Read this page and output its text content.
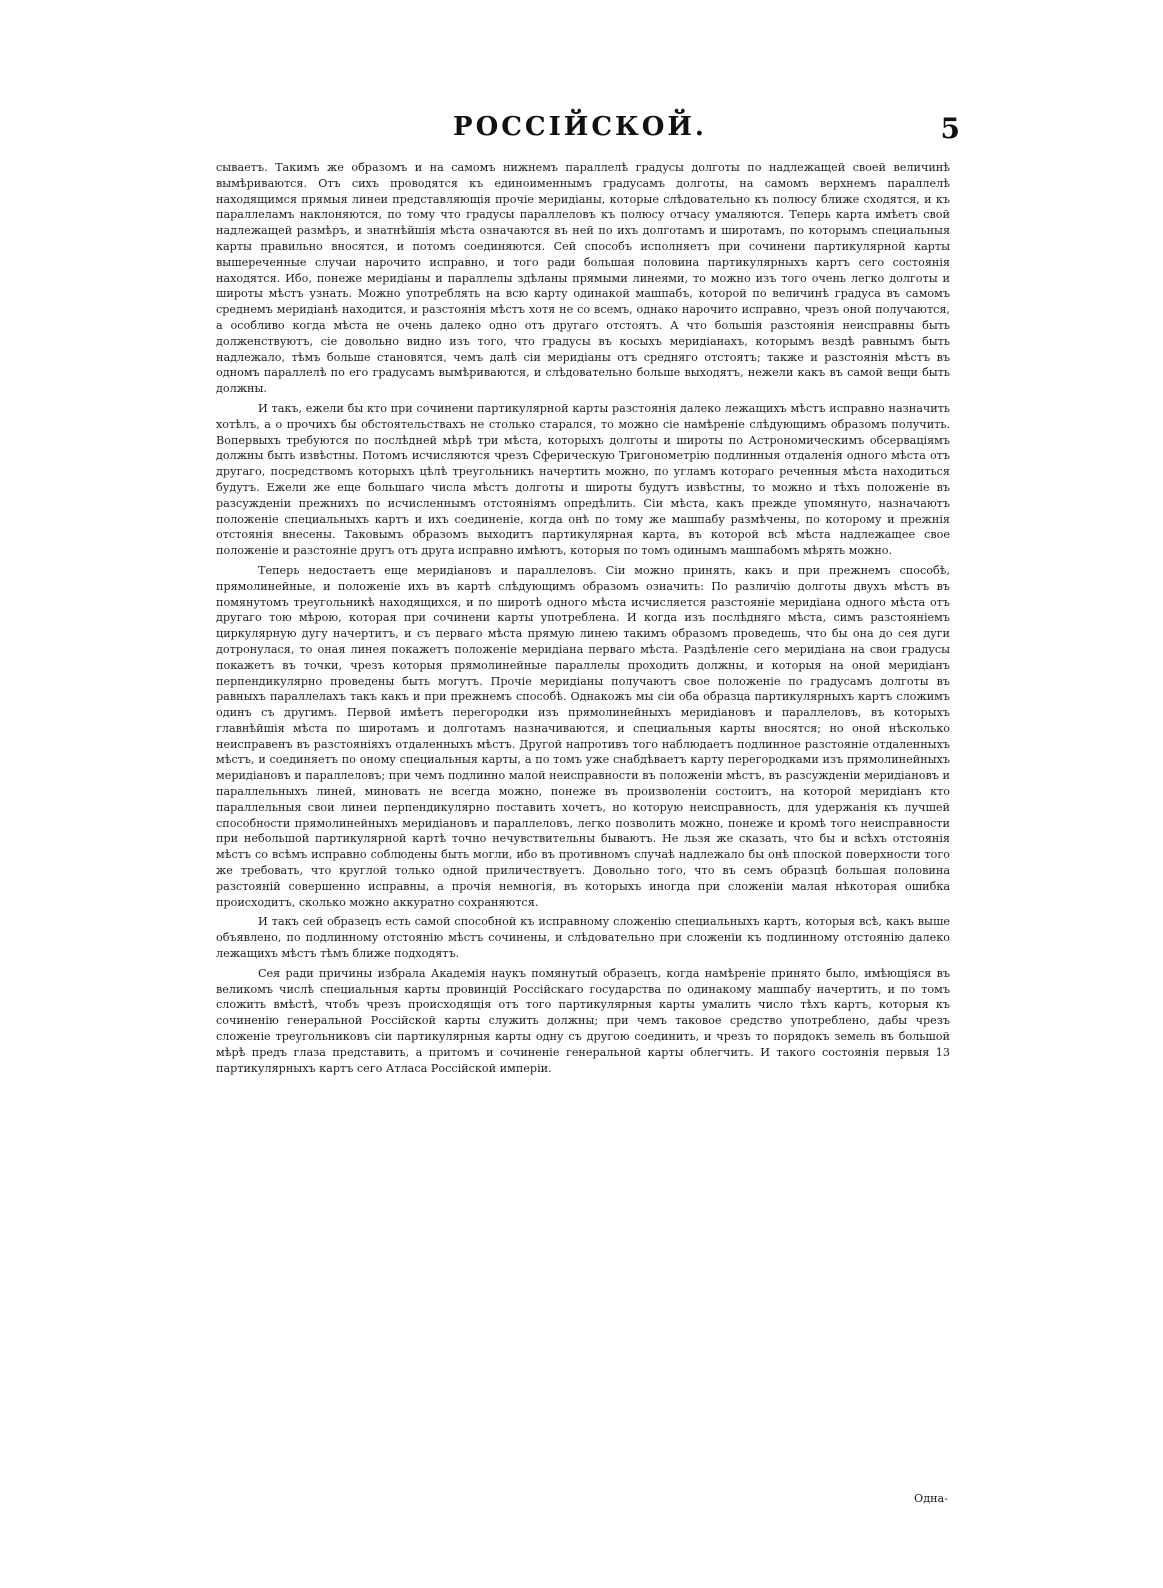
РОССIЙСКОЙ.	5

сываетъ. Такимъ же образомъ и на самомъ нижнемъ параллелѣ градусы долготы по надлежащей своей величинѣ вымѣриваются. Отъ сихъ проводятся къ единоименнымъ градусамъ долготы, на самомъ верхнемъ параллелѣ находящимся прямыя линеи представляющія прочіе меридіаны, которые слѣдовательно къ полюсу ближе сходятся, и къ параллеламъ наклоняются, по тому что градусы параллеловъ къ полюсу отчасу умаляются. Теперь карта имѣетъ свой надлежащей размѣръ, и знатнѣйшія мѣста означаются въ ней по ихъ долготамъ и широтамъ, по которымъ специальныя карты правильно вносятся, и потомъ соединяются. Сей способъ исполняетъ при сочинени партикулярной карты вышереченные случаи нарочито исправно, и того ради большая половина партикулярныхъ картъ сего состоянія находятся. Ибо, понеже меридіаны и параллелы здѣланы прямыми линеями, то можно изъ того очень легко долготы и широты мѣстъ узнать. Можно употреблять на всю карту одинакой машпабъ, которой по величинѣ градуса въ самомъ среднемъ меридіанѣ находится, и разстоянія мѣстъ хотя не со всемъ, однако нарочито исправно, чрезъ оной получаются, а особливо когда мѣста не очень далеко одно отъ другаго отстоятъ. А что большія разстоянія неисправны быть долженствуютъ, сіе довольно видно изъ того, что градусы въ косыхъ меридіанахъ, которымъ вездѣ равнымъ быть надлежало, тѣмъ больше становятся, чемъ далѣ сіи меридіаны отъ средняго отстоятъ; также и разстоянія мѣстъ въ одномъ параллелѣ по его градусамъ вымѣриваются, и слѣдовательно больше выходятъ, нежели какъ въ самой вещи быть должны.

И такъ, ежели бы кто при сочинени партикулярной карты разстоянія далеко лежащихъ мѣстъ исправно назначить хотѣлъ, а о прочихъ бы обстоятельствахъ не столько старался, то можно сіе намѣреніе слѣдующимъ образомъ получить. Вопервыхъ требуются по послѣдней мѣрѣ три мѣста, которыхъ долготы и широты по Астрономическимъ обсерваціямъ должны быть извѣстны. Потомъ исчисляются чрезъ Сферическую Тригонометрію подлинныя отдаленія одного мѣста отъ другаго, посредствомъ которыхъ цѣлѣ треугольникъ начертить можно, по угламъ котораго реченныя мѣста находиться будутъ. Ежели же еще большаго числа мѣстъ долготы и широты будутъ извѣстны, то можно и тѣхъ положеніе въ разсужденіи прежнихъ по исчисленнымъ отстояніямъ опредѣлить. Сіи мѣста, какъ прежде упомянуто, назначаютъ положеніе специальныхъ картъ и ихъ соединеніе, когда онѣ по тому же машпабу размѣчены, по которому и прежнія отстоянія внесены. Таковымъ образомъ выходитъ партикулярная карта, въ которой всѣ мѣста надлежащее свое положеніе и разстояніе другъ отъ друга исправно имѣютъ, которыя по томъ одинымъ машпабомъ мѣрять можно.

Теперь недостаетъ еще меридіановъ и параллеловъ. Сіи можно принять, какъ и при прежнемъ способѣ, прямолинейные, и положеніе ихъ въ картѣ слѣдующимъ образомъ означить: По различію долготы двухъ мѣстъ въ помянутомъ треугольникѣ находящихся, и по широтѣ одного мѣста исчисляется разстояніе меридіана одного мѣста отъ другаго тою мѣрою, которая при сочинени карты употреблена. И когда изъ послѣдняго мѣста, симъ разстояніемъ циркулярную дугу начертитъ, и съ перваго мѣста прямую линею такимъ образомъ проведешь, что бы она до сея дуги дотронулася, то оная линея покажетъ положеніе меридіана перваго мѣста. Раздѣленіе сего меридіана на свои градусы покажетъ въ точки, чрезъ которыя прямолинейные параллелы проходить должны, и которыя на оной меридіанъ перпендикулярно проведены быть могутъ. Прочіе меридіаны получаютъ свое положеніе по градусамъ долготы въ равныхъ параллелахъ такъ какъ и при прежнемъ способѣ. Однакожъ мы сіи оба образца партикулярныхъ картъ сложимъ одинъ съ другимъ. Первой имѣетъ перегородки изъ прямолинейныхъ меридіановъ и параллеловъ, въ которыхъ главнѣйшія мѣста по широтамъ и долготамъ назначиваются, и специальныя карты вносятся; но оной нѣсколько неисправенъ въ разстояніяхъ отдаленныхъ мѣстъ. Другой напротивъ того наблюдаетъ подлинное разстояніе отдаленныхъ мѣстъ, и соединяетъ по оному специальныя карты, а по томъ уже снабдѣваетъ карту перегородками изъ прямолинейныхъ меридіановъ и параллеловъ; при чемъ подлинно малой неисправности въ положеніи мѣстъ, въ разсужденіи меридіановъ и параллельныхъ линей, миновать не всегда можно, понеже въ произволеніи состоитъ, на которой меридіанъ кто параллельныя свои линеи перпендикулярно поставить хочетъ, но которую неисправность, для удержанія къ лучшей способности прямолинейныхъ меридіановъ и параллеловъ, легко позволить можно, понеже и кромѣ того неисправности при небольшой партикулярной картѣ точно нечувствительны бываютъ. Не льзя же сказать, что бы и всѣхъ отстоянія мѣстъ со всѣмъ исправно соблюдены быть могли, ибо въ противномъ случаѣ надлежало бы онѣ плоской поверхности того же требовать, что круглой только одной приличествуетъ. Довольно того, что въ семъ образцѣ большая половина разстояній совершенно исправны, а прочія немногія, въ которыхъ иногда при сложеніи малая нѣкоторая ошибка происходитъ, сколько можно аккуратно сохраняются.

И такъ сей образецъ есть самой способной къ исправному сложенію специальныхъ картъ, которыя всѣ, какъ выше объявлено, по подлинному отстоянію мѣстъ сочинены, и слѣдовательно при сложеніи къ подлинному отстоянію далеко лежащихъ мѣстъ тѣмъ ближе подходятъ.

Сея ради причины избрала Академія наукъ помянутый образецъ, когда намѣреніе принято было, имѣющіяся въ великомъ числѣ специальныя карты провинцій Россійскаго государства по одинакому машпабу начертить, и по томъ сложить вмѣстѣ, чтобъ чрезъ происходящія отъ того партикулярныя карты умалить число тѣхъ картъ, которыя къ сочиненію генеральной Россійской карты служить должны; при чемъ таковое средство употреблено, дабы чрезъ сложеніе треугольниковъ сіи партикулярныя карты одну съ другою соединить, и чрезъ то порядокъ земель въ большой мѣрѣ предъ глаза представить, а притомъ и сочиненіе генеральной карты облегчить. И такого состоянія первыя 13 партикулярныхъ картъ сего Атласа Россійской имперіи.

Одна-
